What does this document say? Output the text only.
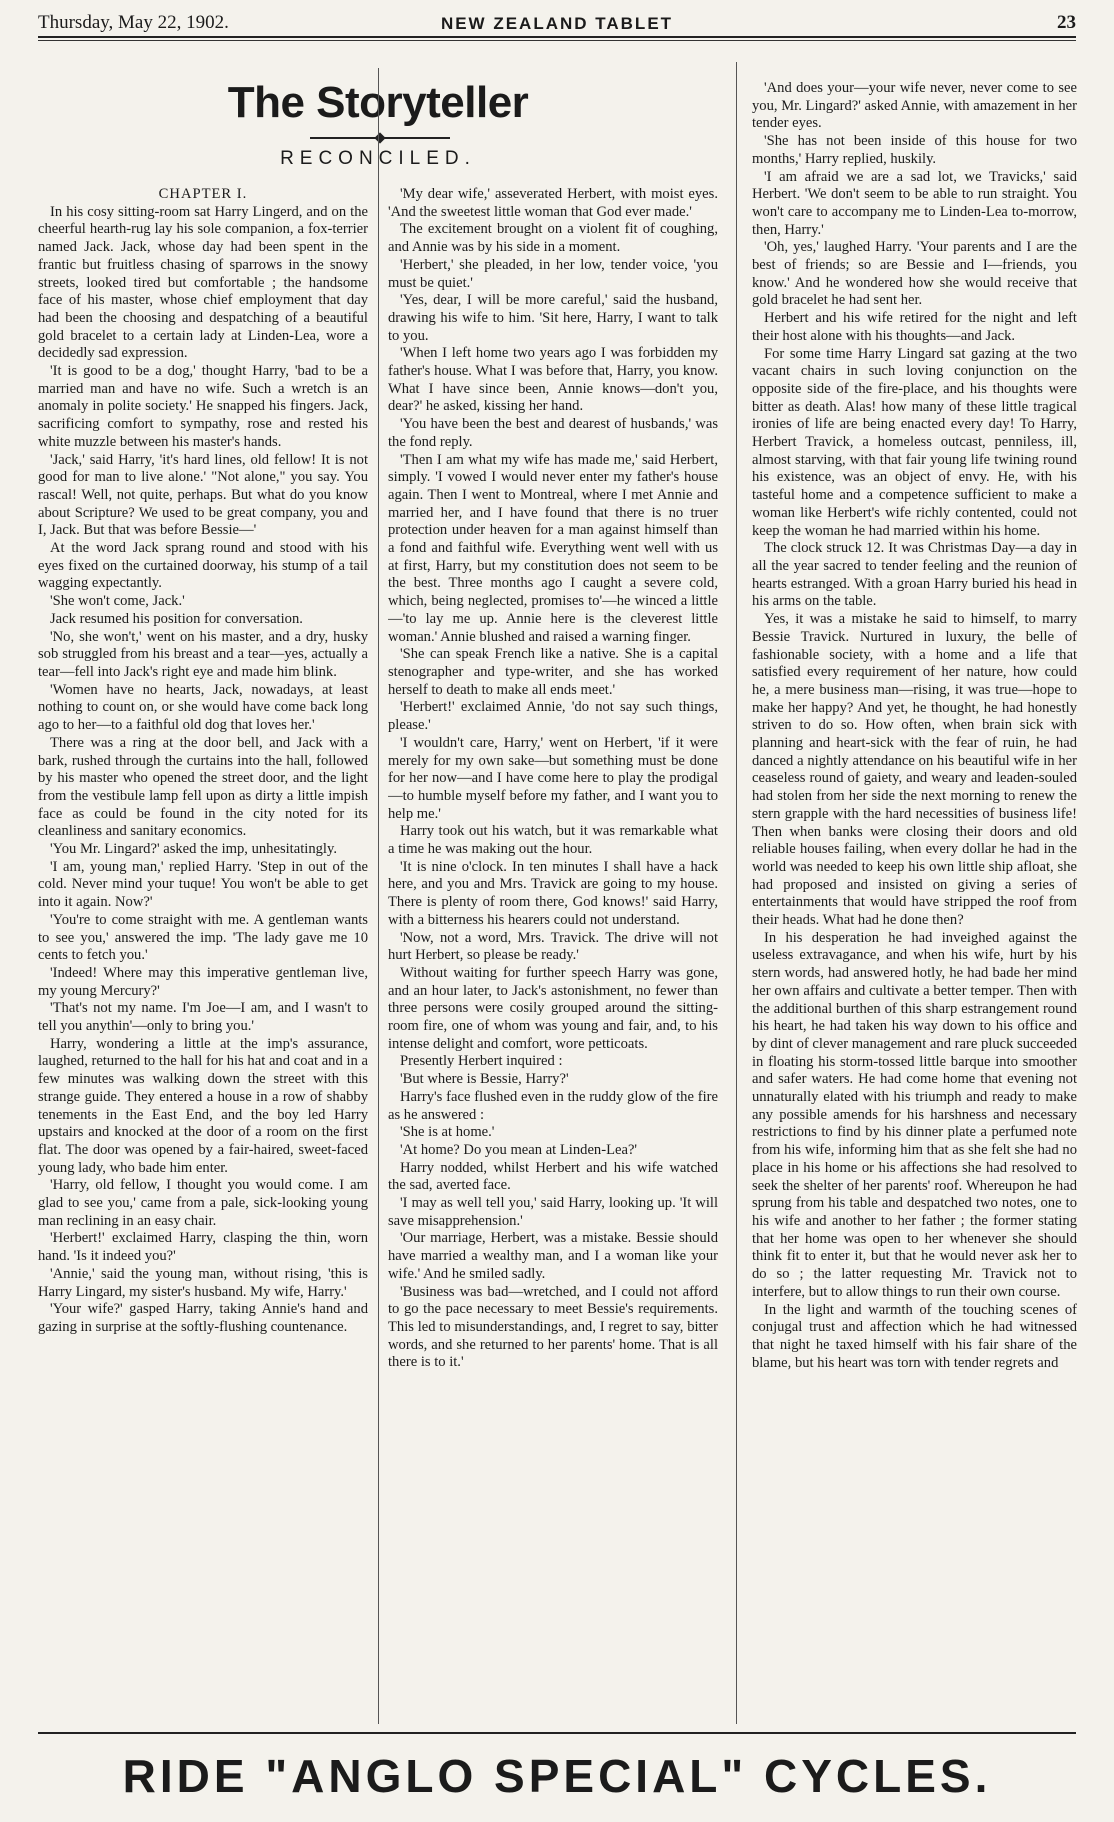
Thursday, May 22, 1902.	NEW ZEALAND TABLET	23
The Storyteller
RECONCILED.

CHAPTER I.

In his cosy sitting-room sat Harry Lingerd, and on the cheerful hearth-rug lay his sole companion, a fox-terrier named Jack. Jack, whose day had been spent in the frantic but fruitless chasing of sparrows in the snowy streets, looked tired but comfortable ; the handsome face of his master, whose chief employment that day had been the choosing and despatching of a beautiful gold bracelet to a certain lady at Linden-Lea, wore a decidedly sad expression.

'It is good to be a dog,' thought Harry, 'bad to be a married man and have no wife. Such a wretch is an anomaly in polite society.' He snapped his fingers. Jack, sacrificing comfort to sympathy, rose and rested his white muzzle between his master's hands.

'Jack,' said Harry, 'it's hard lines, old fellow! It is not good for man to live alone.' "Not alone," you say. You rascal! Well, not quite, perhaps. But what do you know about Scripture? We used to be great company, you and I, Jack. But that was before Bessie—'

At the word Jack sprang round and stood with his eyes fixed on the curtained doorway, his stump of a tail wagging expectantly.

'She won't come, Jack.'

Jack resumed his position for conversation.

'No, she won't,' went on his master, and a dry, husky sob struggled from his breast and a tear—yes, actually a tear—fell into Jack's right eye and made him blink.

'Women have no hearts, Jack, nowadays, at least nothing to count on, or she would have come back long ago to her—to a faithful old dog that loves her.'

There was a ring at the door bell, and Jack with a bark, rushed through the curtains into the hall, followed by his master who opened the street door, and the light from the vestibule lamp fell upon as dirty a little impish face as could be found in the city noted for its cleanliness and sanitary economics.

'You Mr. Lingard?' asked the imp, unhesitatingly.

'I am, young man,' replied Harry. 'Step in out of the cold. Never mind your tuque! You won't be able to get into it again. Now?'

'You're to come straight with me. A gentleman wants to see you,' answered the imp. 'The lady gave me 10 cents to fetch you.'

'Indeed! Where may this imperative gentleman live, my young Mercury?'

'That's not my name. I'm Joe—I am, and I wasn't to tell you anythin'—only to bring you.'

Harry, wondering a little at the imp's assurance, laughed, returned to the hall for his hat and coat and in a few minutes was walking down the street with this strange guide. They entered a house in a row of shabby tenements in the East End, and the boy led Harry upstairs and knocked at the door of a room on the first flat. The door was opened by a fair-haired, sweet-faced young lady, who bade him enter.

'Harry, old fellow, I thought you would come. I am glad to see you,' came from a pale, sick-looking young man reclining in an easy chair.

'Herbert!' exclaimed Harry, clasping the thin, worn hand. 'Is it indeed you?'

'Annie,' said the young man, without rising, 'this is Harry Lingard, my sister's husband. My wife, Harry.'

'Your wife?' gasped Harry, taking Annie's hand and gazing in surprise at the softly-flushing countenance.

'My dear wife,' asseverated Herbert, with moist eyes. 'And the sweetest little woman that God ever made.'

The excitement brought on a violent fit of coughing, and Annie was by his side in a moment.

'Herbert,' she pleaded, in her low, tender voice, 'you must be quiet.'

'Yes, dear, I will be more careful,' said the husband, drawing his wife to him. 'Sit here, Harry, I want to talk to you.

'When I left home two years ago I was forbidden my father's house. What I was before that, Harry, you know. What I have since been, Annie knows—don't you, dear?' he asked, kissing her hand.

'You have been the best and dearest of husbands,' was the fond reply.

'Then I am what my wife has made me,' said Herbert, simply. 'I vowed I would never enter my father's house again. Then I went to Montreal, where I met Annie and married her, and I have found that there is no truer protection under heaven for a man against himself than a fond and faithful wife. Everything went well with us at first, Harry, but my constitution does not seem to be the best. Three months ago I caught a severe cold, which, being neglected, promises to'—he winced a little—'to lay me up. Annie here is the cleverest little woman.' Annie blushed and raised a warning finger.

'She can speak French like a native. She is a capital stenographer and type-writer, and she has worked herself to death to make all ends meet.'

'Herbert!' exclaimed Annie, 'do not say such things, please.'

'I wouldn't care, Harry,' went on Herbert, 'if it were merely for my own sake—but something must be done for her now—and I have come here to play the prodigal—to humble myself before my father, and I want you to help me.'

Harry took out his watch, but it was remarkable what a time he was making out the hour.

'It is nine o'clock. In ten minutes I shall have a hack here, and you and Mrs. Travick are going to my house. There is plenty of room there, God knows!' said Harry, with a bitterness his hearers could not understand.

'Now, not a word, Mrs. Travick. The drive will not hurt Herbert, so please be ready.'

Without waiting for further speech Harry was gone, and an hour later, to Jack's astonishment, no fewer than three persons were cosily grouped around the sitting-room fire, one of whom was young and fair, and, to his intense delight and comfort, wore petticoats.

Presently Herbert inquired :

'But where is Bessie, Harry?'

Harry's face flushed even in the ruddy glow of the fire as he answered :

'She is at home.'

'At home? Do you mean at Linden-Lea?'

Harry nodded, whilst Herbert and his wife watched the sad, averted face.

'I may as well tell you,' said Harry, looking up. 'It will save misapprehension.'

'Our marriage, Herbert, was a mistake. Bessie should have married a wealthy man, and I a woman like your wife.' And he smiled sadly.

'Business was bad—wretched, and I could not afford to go the pace necessary to meet Bessie's requirements. This led to misunderstandings, and, I regret to say, bitter words, and she returned to her parents' home. That is all there is to it.'

'And does your—your wife never, never come to see you, Mr. Lingard?' asked Annie, with amazement in her tender eyes.

'She has not been inside of this house for two months,' Harry replied, huskily.

'I am afraid we are a sad lot, we Travicks,' said Herbert. 'We don't seem to be able to run straight. You won't care to accompany me to Linden-Lea to-morrow, then, Harry.'

'Oh, yes,' laughed Harry. 'Your parents and I are the best of friends; so are Bessie and I—friends, you know.' And he wondered how she would receive that gold bracelet he had sent her.

Herbert and his wife retired for the night and left their host alone with his thoughts—and Jack.

For some time Harry Lingard sat gazing at the two vacant chairs in such loving conjunction on the opposite side of the fire-place, and his thoughts were bitter as death. Alas! how many of these little tragical ironies of life are being enacted every day! To Harry, Herbert Travick, a homeless outcast, penniless, ill, almost starving, with that fair young life twining round his existence, was an object of envy. He, with his tasteful home and a competence sufficient to make a woman like Herbert's wife richly contented, could not keep the woman he had married within his home.

The clock struck 12. It was Christmas Day—a day in all the year sacred to tender feeling and the reunion of hearts estranged. With a groan Harry buried his head in his arms on the table.

Yes, it was a mistake he said to himself, to marry Bessie Travick. Nurtured in luxury, the belle of fashionable society, with a home and a life that satisfied every requirement of her nature, how could he, a mere business man—rising, it was true—hope to make her happy? And yet, he thought, he had honestly striven to do so. How often, when brain sick with planning and heart-sick with the fear of ruin, he had danced a nightly attendance on his beautiful wife in her ceaseless round of gaiety, and weary and leaden-souled had stolen from her side the next morning to renew the stern grapple with the hard necessities of business life! Then when banks were closing their doors and old reliable houses failing, when every dollar he had in the world was needed to keep his own little ship afloat, she had proposed and insisted on giving a series of entertainments that would have stripped the roof from their heads. What had he done then?

In his desperation he had inveighed against the useless extravagance, and when his wife, hurt by his stern words, had answered hotly, he had bade her mind her own affairs and cultivate a better temper. Then with the additional burthen of this sharp estrangement round his heart, he had taken his way down to his office and by dint of clever management and rare pluck succeeded in floating his storm-tossed little barque into smoother and safer waters. He had come home that evening not unnaturally elated with his triumph and ready to make any possible amends for his harshness and necessary restrictions to find by his dinner plate a perfumed note from his wife, informing him that as she felt she had no place in his home or his affections she had resolved to seek the shelter of her parents' roof. Whereupon he had sprung from his table and despatched two notes, one to his wife and another to her father ; the former stating that her home was open to her whenever she should think fit to enter it, but that he would never ask her to do so ; the latter requesting Mr. Travick not to interfere, but to allow things to run their own course.

In the light and warmth of the touching scenes of conjugal trust and affection which he had witnessed that night he taxed himself with his fair share of the blame, but his heart was torn with tender regrets and

RIDE "ANGLO SPECIAL" CYCLES.
